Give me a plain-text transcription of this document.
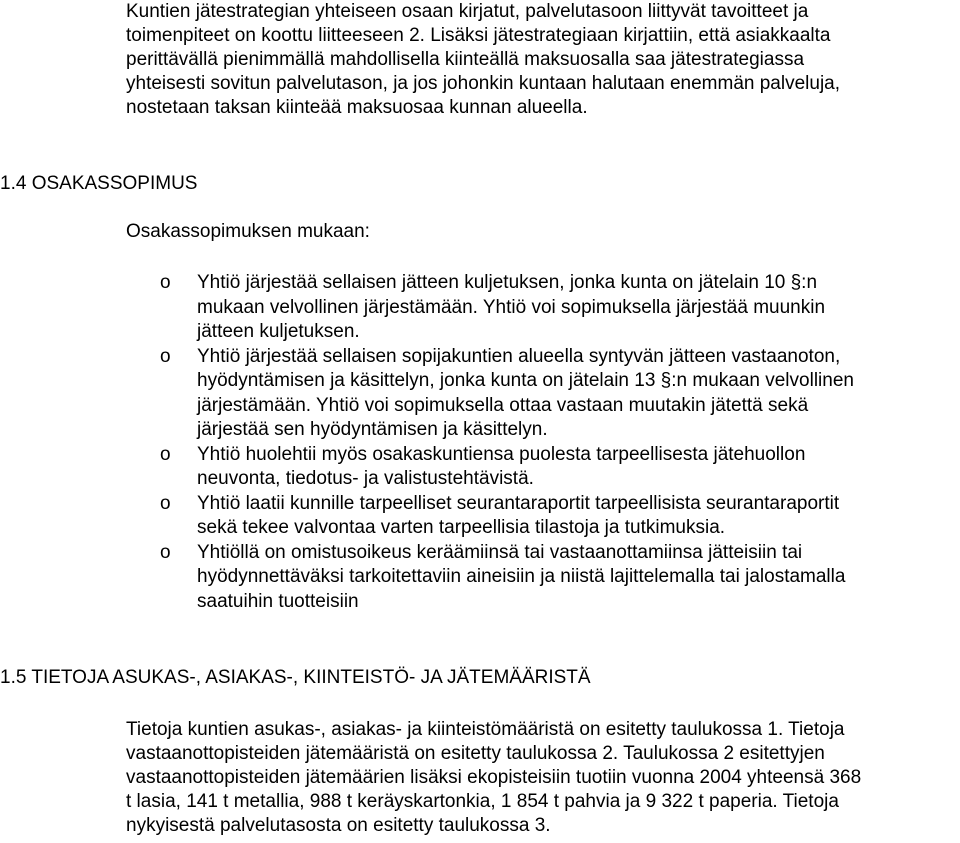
Kuntien jätestrategian yhteiseen osaan kirjatut, palvelutasoon liittyvät tavoitteet ja
toimenpiteet on koottu liitteeseen 2. Lisäksi jätestrategiaan kirjattiin, että asiakkaalta
perittävällä pienimmällä mahdollisella kiinteällä maksuosalla saa jätestrategiassa
yhteisesti sovitun palvelutason, ja jos johonkin kuntaan halutaan enemmän palveluja,
nostetaan taksan kiinteää maksuosaa kunnan alueella.
1.4 OSAKASSOPIMUS
Osakassopimuksen mukaan:
o Yhtiö järjestää sellaisen jätteen kuljetuksen, jonka kunta on jätelain 10 §:n
mukaan velvollinen järjestämään. Yhtiö voi sopimuksella järjestää muunkin
jätteen kuljetuksen.
o Yhtiö järjestää sellaisen sopijakuntien alueella syntyvän jätteen vastaanoton,
hyödyntämisen ja käsittelyn, jonka kunta on jätelain 13 §:n mukaan velvollinen
järjestämään. Yhtiö voi sopimuksella ottaa vastaan muutakin jätettä sekä
järjestää sen hyödyntämisen ja käsittelyn.
o Yhtiö huolehtii myös osakaskuntiensa puolesta tarpeellisesta jätehuollon
neuvonta, tiedotus- ja valistustehtävistä.
o Yhtiö laatii kunnille tarpeelliset seurantaraportit tarpeellisista seurantaraportit
sekä tekee valvontaa varten tarpeellisia tilastoja ja tutkimuksia.
o Yhtiöllä on omistusoikeus keräämiinsä tai vastaanottamiinsa jätteisiin tai
hyödynnettäväksi tarkoitettaviin aineisiin ja niistä lajittelemalla tai jalostamalla
saatuihin tuotteisiin
1.5 TIETOJA ASUKAS-, ASIAKAS-, KIINTEISTÖ- JA JÄTEMÄÄRISTÄ
Tietoja kuntien asukas-, asiakas- ja kiinteistömääristä on esitetty taulukossa 1. Tietoja
vastaanottopisteiden jätemääristä on esitetty taulukossa 2. Taulukossa 2 esitettyjen
vastaanottopisteiden jätemäärien lisäksi ekopisteisiin tuotiin vuonna 2004 yhteensä 368
t lasia, 141 t metallia, 988 t keräyskartonkia, 1 854 t pahvia ja 9 322 t paperia. Tietoja
nykyisestä palvelutasosta on esitetty taulukossa 3.
